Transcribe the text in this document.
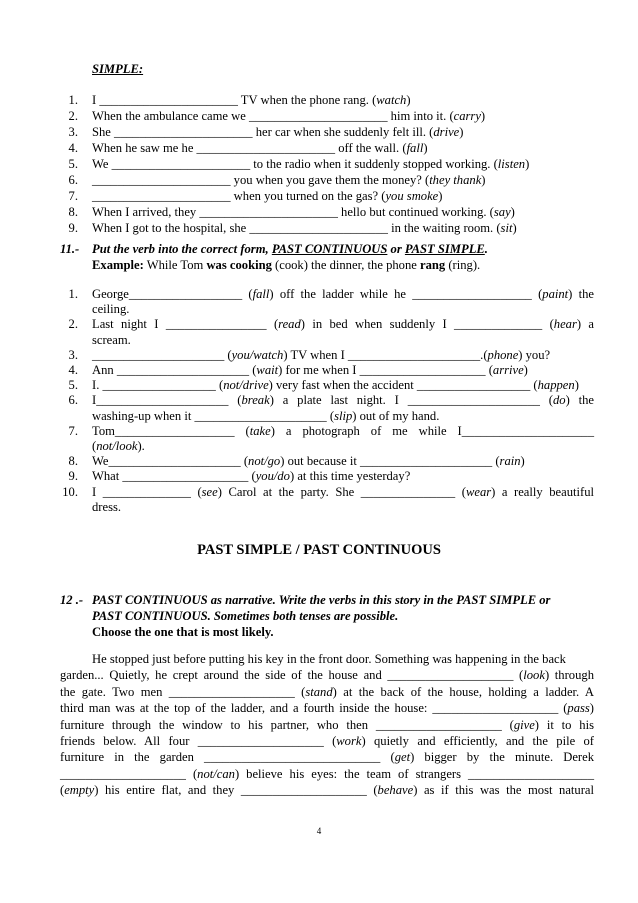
SIMPLE:
1. I ______________________ TV when the phone rang. (watch)
2. When the ambulance came we ______________________ him into it. (carry)
3. She ______________________ her car when she suddenly felt ill. (drive)
4. When he saw me he ______________________ off the wall. (fall)
5. We ______________________ to the radio when it suddenly stopped working. (listen)
6. ______________________ you when you gave them the money? (they thank)
7. ______________________ when you turned on the gas? (you smoke)
8. When I arrived, they ______________________ hello but continued working. (say)
9. When I got to the hospital, she ______________________ in the waiting room. (sit)
11.- Put the verb into the correct form, PAST CONTINUOUS or PAST SIMPLE.
Example: While Tom was cooking (cook) the dinner, the phone rang (ring).
1. George__________________ (fall) off the ladder while he ___________________ (paint) the
ceiling.
2. Last night I ________________ (read) in bed when suddenly I ______________ (hear) a
scream.
3. _____________________ (you/watch) TV when I _____________________.(phone) you?
4. Ann _____________________ (wait) for me when I ____________________ (arrive)
5. I. __________________ (not/drive) very fast when the accident __________________ (happen)
6. I_____________________ (break) a plate last night. I _____________________ (do) the
washing-up when it _____________________ (slip) out of my hand.
7. Tom___________________ (take) a photograph of me while I_____________________
(not/look).
8. We_____________________ (not/go) out because it _____________________ (rain)
9. What ____________________ (you/do) at this time yesterday?
10. I ______________ (see) Carol at the party. She _______________ (wear) a really beautiful
dress.
PAST SIMPLE / PAST CONTINUOUS
12 .- PAST CONTINUOUS as narrative. Write the verbs in this story in the PAST SIMPLE or
PAST CONTINUOUS. Sometimes both tenses are possible.
Choose the one that is most likely.
He stopped just before putting his key in the front door. Something was happening in the back
garden... Quietly, he crept around the side of the house and ____________________ (look) through
the gate. Two men ____________________ (stand) at the back of the house, holding a ladder. A
third man was at the top of the ladder, and a fourth inside the house: ____________________ (pass)
furniture through the window to his partner, who then ____________________ (give) it to his
friends below. All four ____________________ (work) quietly and efficiently, and the pile of
furniture in the garden ____________________________ (get) bigger by the minute. Derek
____________________ (not/can) believe his eyes: the team of strangers ____________________
(empty) his entire flat, and they ____________________ (behave) as if this was the most natural
4
